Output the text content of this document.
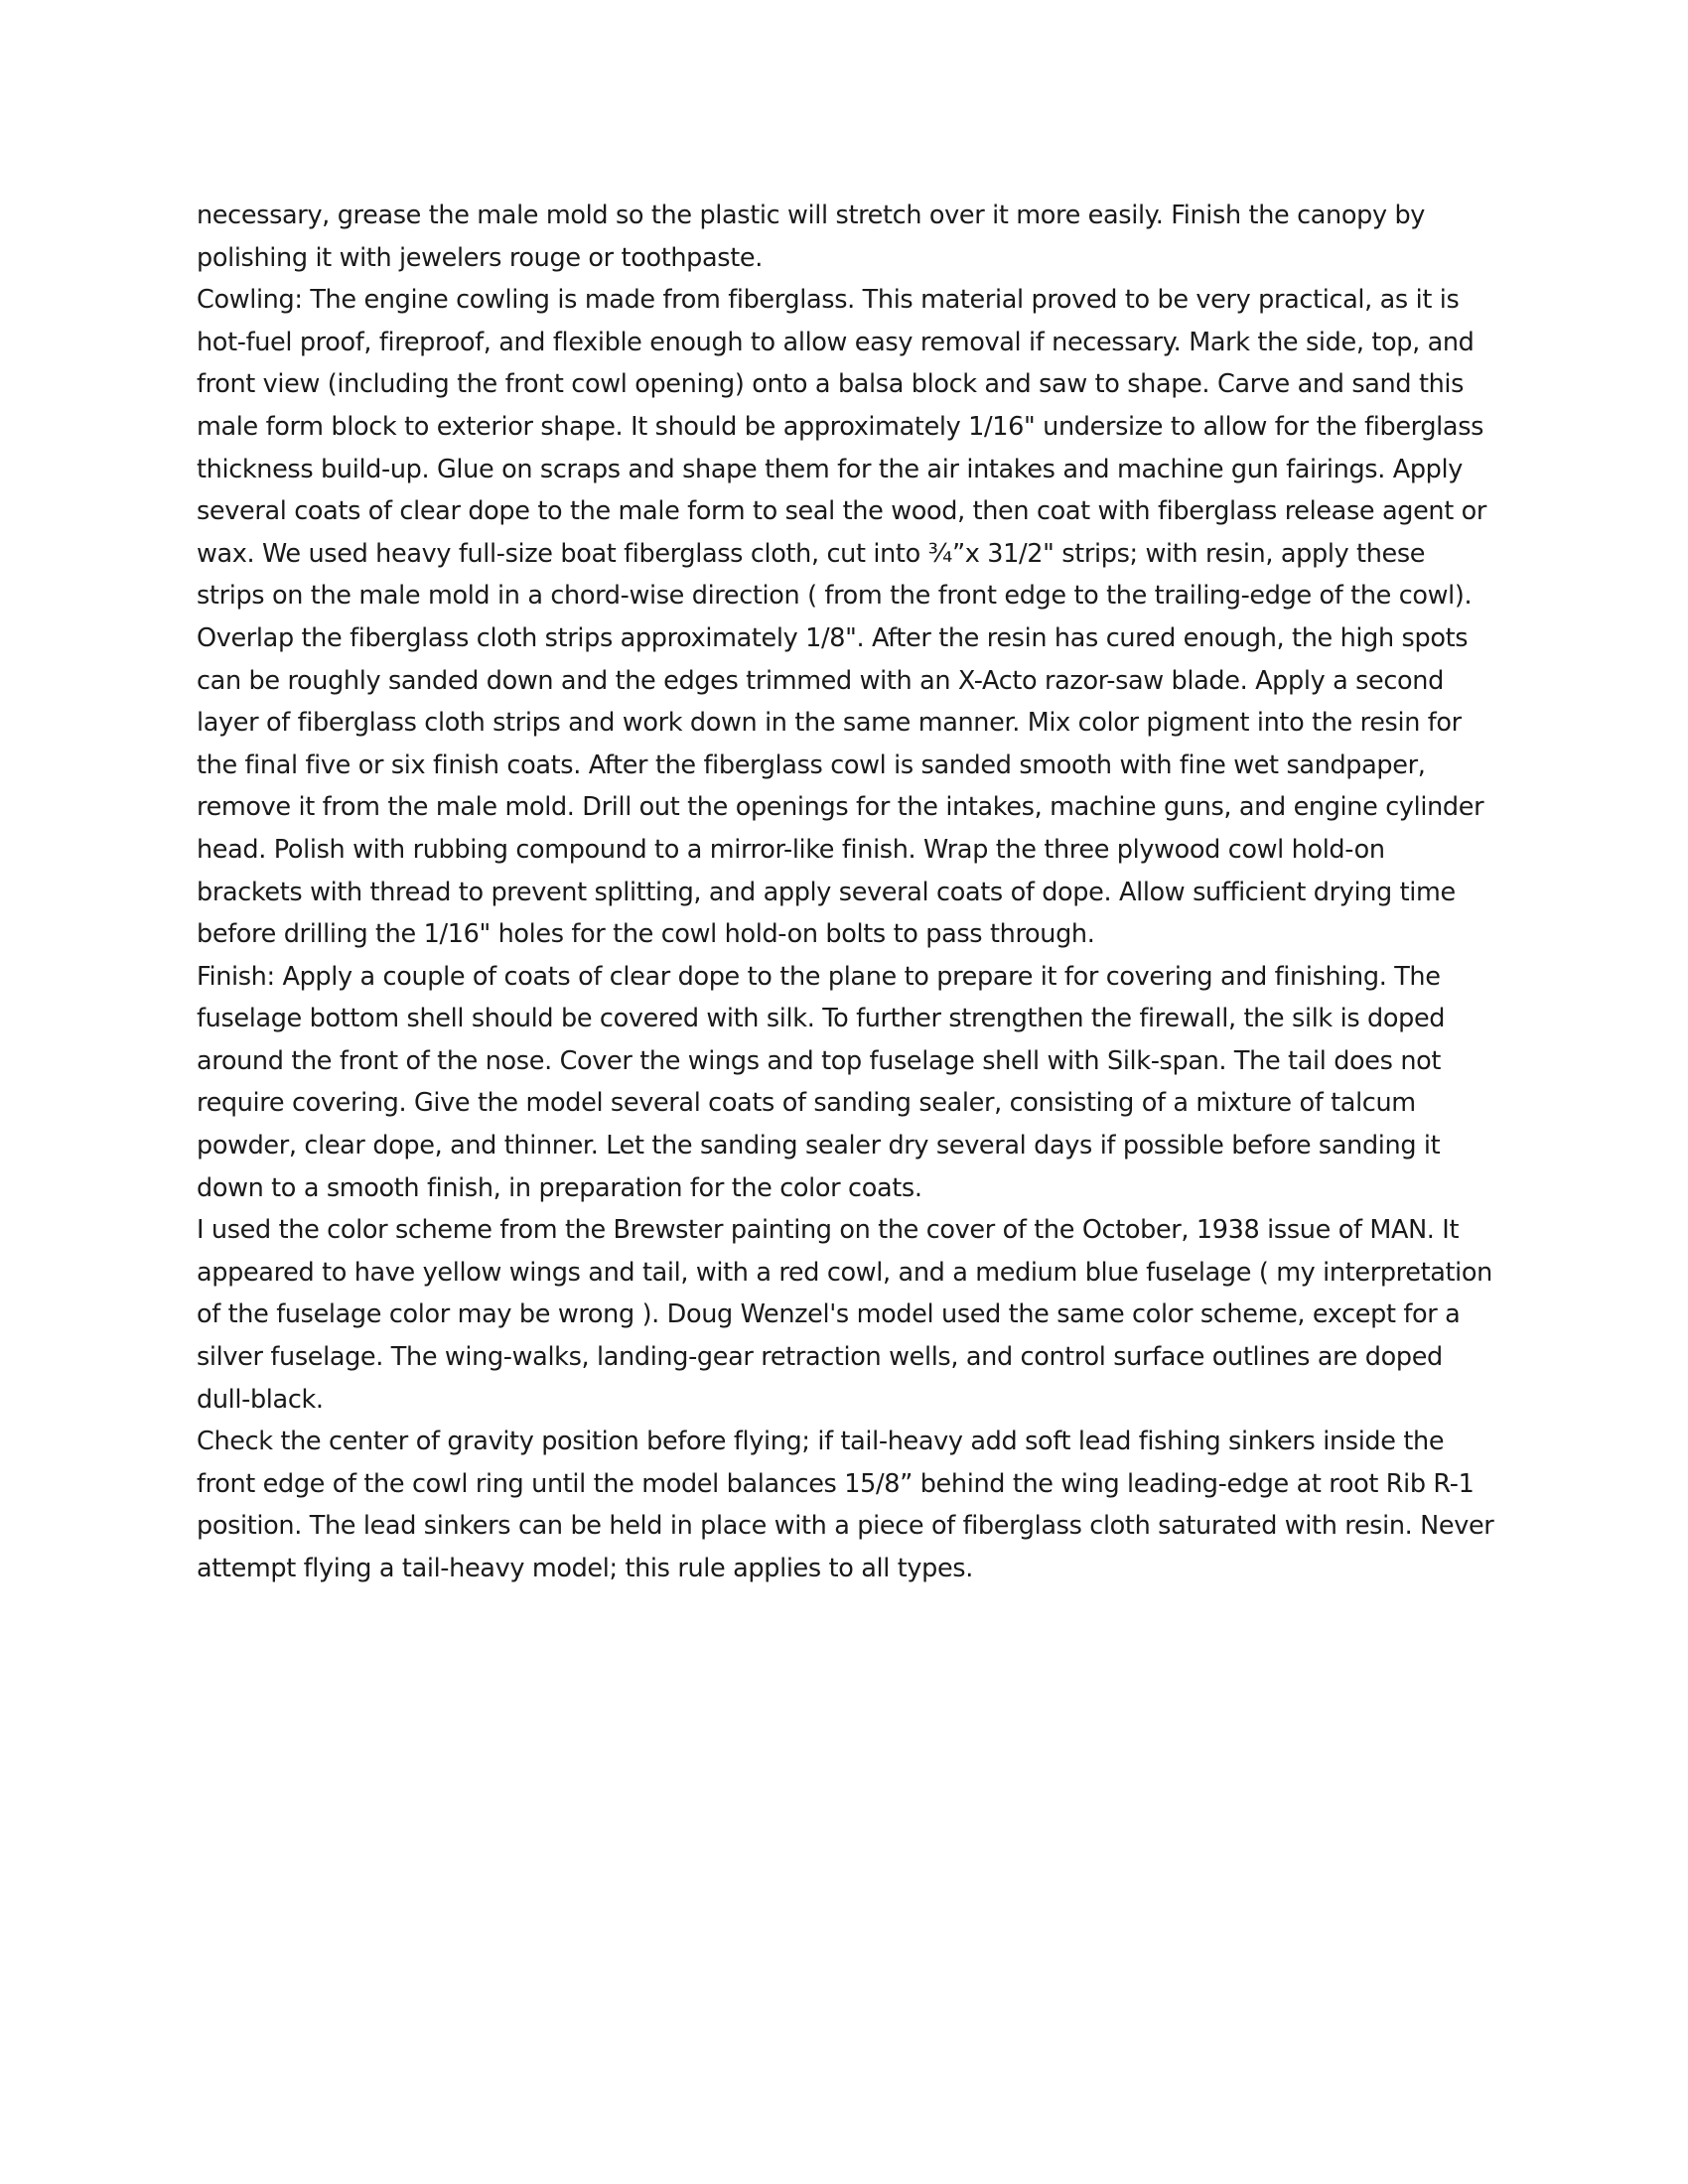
necessary, grease the male mold so the plastic will stretch over it more easily. Finish the canopy by polishing it with jewelers rouge or toothpaste.

Cowling: The engine cowling is made from fiberglass. This material proved to be very practical, as it is hot-fuel proof, fireproof, and flexible enough to allow easy removal if necessary. Mark the side, top, and front view (including the front cowl opening) onto a balsa block and saw to shape. Carve and sand this male form block to exterior shape. It should be approximately 1/16" undersize to allow for the fiberglass thickness build-up. Glue on scraps and shape them for the air intakes and machine gun fairings. Apply several coats of clear dope to the male form to seal the wood, then coat with fiberglass release agent or wax. We used heavy full-size boat fiberglass cloth, cut into ¾”x 31/2" strips; with resin, apply these strips on the male mold in a chord-wise direction ( from the front edge to the trailing-edge of the cowl). Overlap the fiberglass cloth strips approximately 1/8". After the resin has cured enough, the high spots can be roughly sanded down and the edges trimmed with an X-Acto razor-saw blade. Apply a second layer of fiberglass cloth strips and work down in the same manner. Mix color pigment into the resin for the final five or six finish coats. After the fiberglass cowl is sanded smooth with fine wet sandpaper, remove it from the male mold. Drill out the openings for the intakes, machine guns, and engine cylinder head. Polish with rubbing compound to a mirror-like finish. Wrap the three plywood cowl hold-on brackets with thread to prevent splitting, and apply several coats of dope. Allow sufficient drying time before drilling the 1/16" holes for the cowl hold-on bolts to pass through.

Finish: Apply a couple of coats of clear dope to the plane to prepare it for covering and finishing. The fuselage bottom shell should be covered with silk. To further strengthen the firewall, the silk is doped around the front of the nose. Cover the wings and top fuselage shell with Silk-span. The tail does not require covering. Give the model several coats of sanding sealer, consisting of a mixture of talcum powder, clear dope, and thinner. Let the sanding sealer dry several days if possible before sanding it down to a smooth finish, in preparation for the color coats.

I used the color scheme from the Brewster painting on the cover of the October, 1938 issue of MAN. It appeared to have yellow wings and tail, with a red cowl, and a medium blue fuselage ( my interpretation of the fuselage color may be wrong ). Doug Wenzel's model used the same color scheme, except for a silver fuselage. The wing-walks, landing-gear retraction wells, and control surface outlines are doped dull-black.

Check the center of gravity position before flying; if tail-heavy add soft lead fishing sinkers inside the front edge of the cowl ring until the model balances 15/8” behind the wing leading-edge at root Rib R-1 position. The lead sinkers can be held in place with a piece of fiberglass cloth saturated with resin. Never attempt flying a tail-heavy model; this rule applies to all types.
